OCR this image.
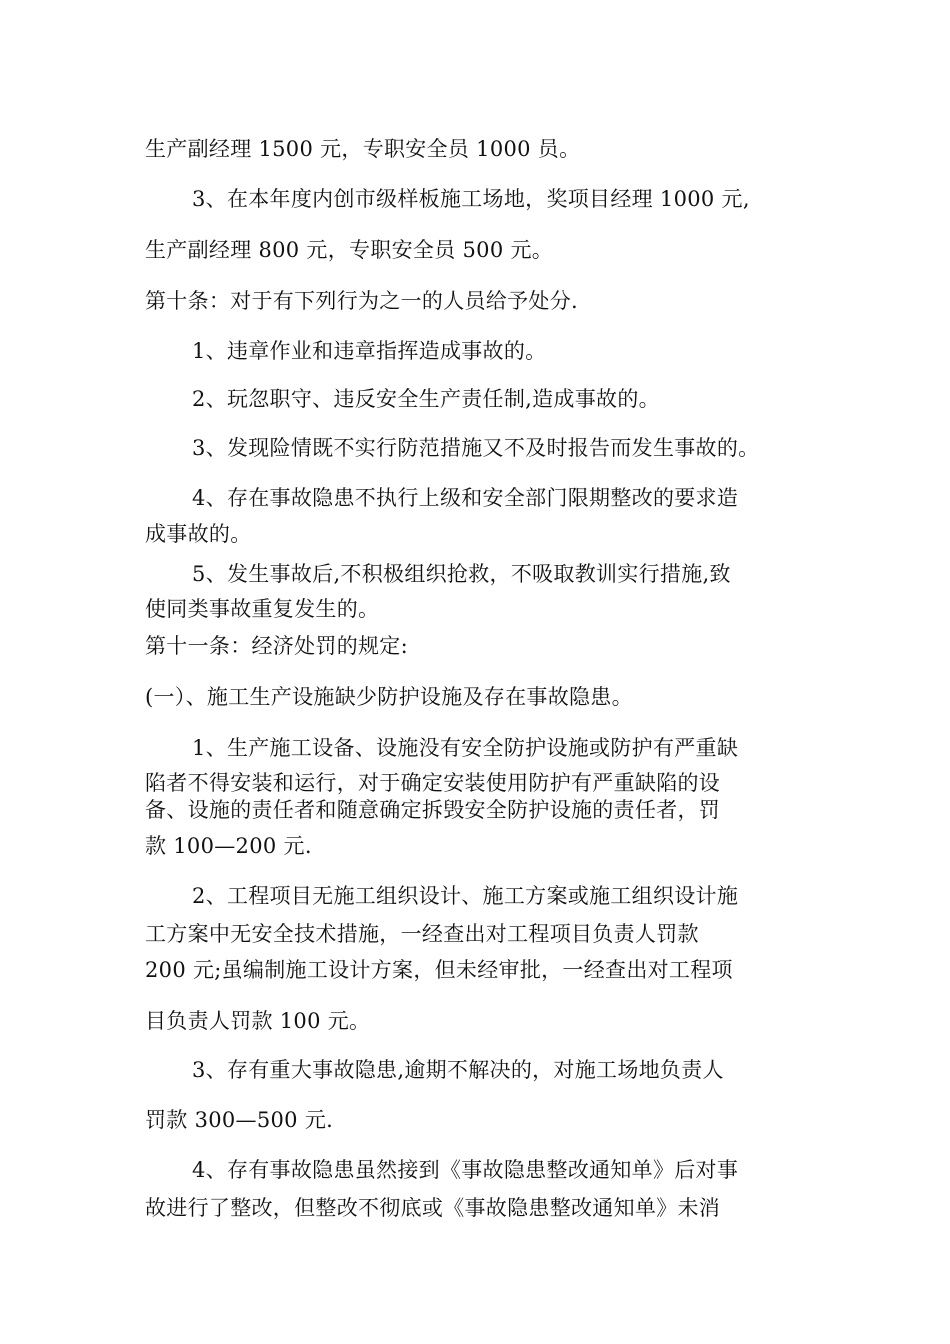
生产副经理 1500 元，专职安全员 1000 员。
3、在本年度内创市级样板施工场地，奖项目经理 1000 元,
生产副经理 800 元，专职安全员 500 元。
第十条：对于有下列行为之一的人员给予处分.
1、违章作业和违章指挥造成事故的。
2、玩忽职守、违反安全生产责任制,造成事故的。
3、发现险情既不实行防范措施又不及时报告而发生事故的。
4、存在事故隐患不执行上级和安全部门限期整改的要求造
成事故的。
5、发生事故后,不积极组织抢救，不吸取教训实行措施,致
使同类事故重复发生的。
第十一条：经济处罚的规定:
(一）、施工生产设施缺少防护设施及存在事故隐患。
1、生产施工设备、设施没有安全防护设施或防护有严重缺
陷者不得安装和运行，对于确定安装使用防护有严重缺陷的设
备、设施的责任者和随意确定拆毁安全防护设施的责任者，罚
款 100—200 元.
2、工程项目无施工组织设计、施工方案或施工组织设计施
工方案中无安全技术措施，一经查出对工程项目负责人罚款
200 元;虽编制施工设计方案，但未经审批，一经查出对工程项
目负责人罚款 100 元。
3、存有重大事故隐患,逾期不解决的，对施工场地负责人
罚款 300—500 元.
4、存有事故隐患虽然接到《事故隐患整改通知单》后对事
故进行了整改，但整改不彻底或《事故隐患整改通知单》未消
